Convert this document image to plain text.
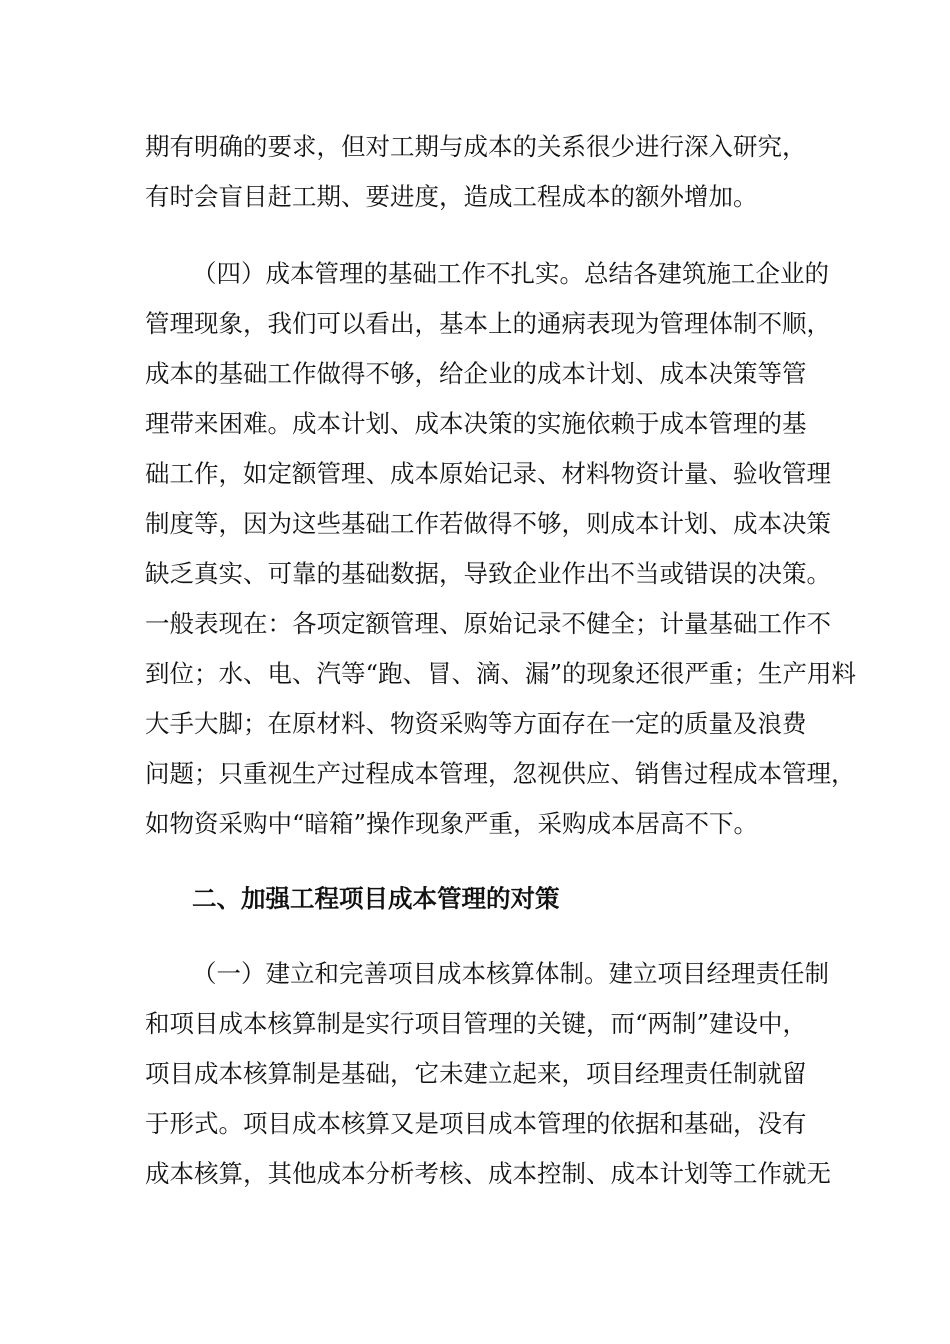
期有明确的要求，但对工期与成本的关系很少进行深入研究，
有时会盲目赶工期、要进度，造成工程成本的额外增加。
（四）成本管理的基础工作不扎实。总结各建筑施工企业的
管理现象，我们可以看出，基本上的通病表现为管理体制不顺，
成本的基础工作做得不够，给企业的成本计划、成本决策等管
理带来困难。成本计划、成本决策的实施依赖于成本管理的基
础工作，如定额管理、成本原始记录、材料物资计量、验收管理
制度等，因为这些基础工作若做得不够，则成本计划、成本决策
缺乏真实、可靠的基础数据，导致企业作出不当或错误的决策。
一般表现在：各项定额管理、原始记录不健全；计量基础工作不
到位；水、电、汽等“跑、冒、滴、漏”的现象还很严重；生产用料
大手大脚；在原材料、物资采购等方面存在一定的质量及浪费
问题；只重视生产过程成本管理，忽视供应、销售过程成本管理，
如物资采购中“暗箱”操作现象严重，采购成本居高不下。
二、加强工程项目成本管理的对策
（一）建立和完善项目成本核算体制。建立项目经理责任制
和项目成本核算制是实行项目管理的关键，而“两制”建设中，
项目成本核算制是基础，它未建立起来，项目经理责任制就留
于形式。项目成本核算又是项目成本管理的依据和基础，没有
成本核算，其他成本分析考核、成本控制、成本计划等工作就无
